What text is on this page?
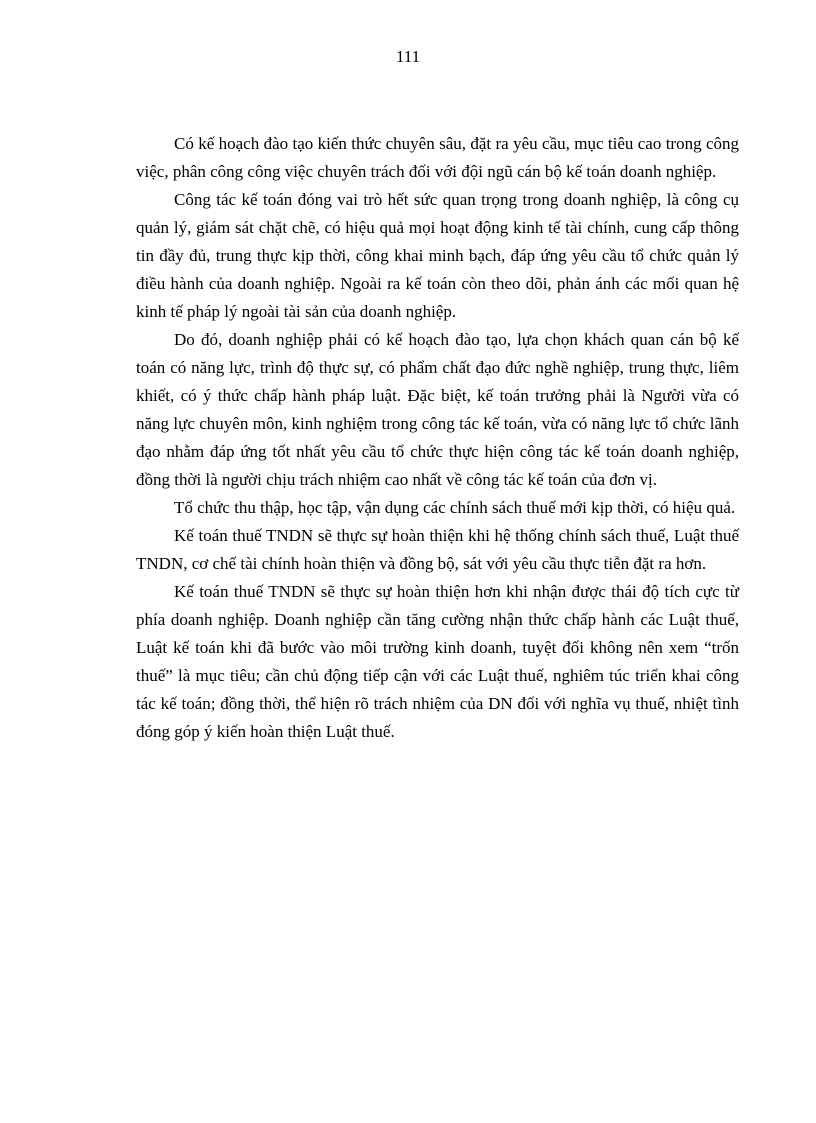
111

Có kế hoạch đào tạo kiến thức chuyên sâu, đặt ra yêu cầu, mục tiêu cao trong công việc, phân công công việc chuyên trách đối với đội ngũ cán bộ kế toán doanh nghiệp.

Công tác kế toán đóng vai trò hết sức quan trọng trong doanh nghiệp, là công cụ quản lý, giám sát chặt chẽ, có hiệu quả mọi hoạt động kinh tế tài chính, cung cấp thông tin đầy đủ, trung thực kịp thời, công khai minh bạch, đáp ứng yêu cầu tổ chức quản lý điều hành của doanh nghiệp. Ngoài ra kế toán còn theo dõi, phản ánh các mối quan hệ kinh tế pháp lý ngoài tài sản của doanh nghiệp.

Do đó, doanh nghiệp phải có kế hoạch đào tạo, lựa chọn khách quan cán bộ kế toán có năng lực, trình độ thực sự, có phẩm chất đạo đức nghề nghiệp, trung thực, liêm khiết, có ý thức chấp hành pháp luật. Đặc biệt, kế toán trưởng phải là Người vừa có năng lực chuyên môn, kinh nghiệm trong công tác kế toán, vừa có năng lực tổ chức lãnh đạo nhằm đáp ứng tốt nhất yêu cầu tổ chức thực hiện công tác kế toán doanh nghiệp, đồng thời là người chịu trách nhiệm cao nhất về công tác kế toán của đơn vị.

Tổ chức thu thập, học tập, vận dụng các chính sách thuế mới kịp thời, có hiệu quả.

Kế toán thuế TNDN sẽ thực sự hoàn thiện khi hệ thống chính sách thuế, Luật thuế TNDN, cơ chế tài chính hoàn thiện và đồng bộ, sát với yêu cầu thực tiễn đặt ra hơn.

Kế toán thuế TNDN sẽ thực sự hoàn thiện hơn khi nhận được thái độ tích cực từ phía doanh nghiệp. Doanh nghiệp cần tăng cường nhận thức chấp hành các Luật thuế, Luật kế toán khi đã bước vào môi trường kinh doanh, tuyệt đối không nên xem “trốn thuế” là mục tiêu; cần chủ động tiếp cận với các Luật thuế, nghiêm túc triển khai công tác kế toán; đồng thời, thể hiện rõ trách nhiệm của DN đối với nghĩa vụ thuế, nhiệt tình đóng góp ý kiến hoàn thiện Luật thuế.
